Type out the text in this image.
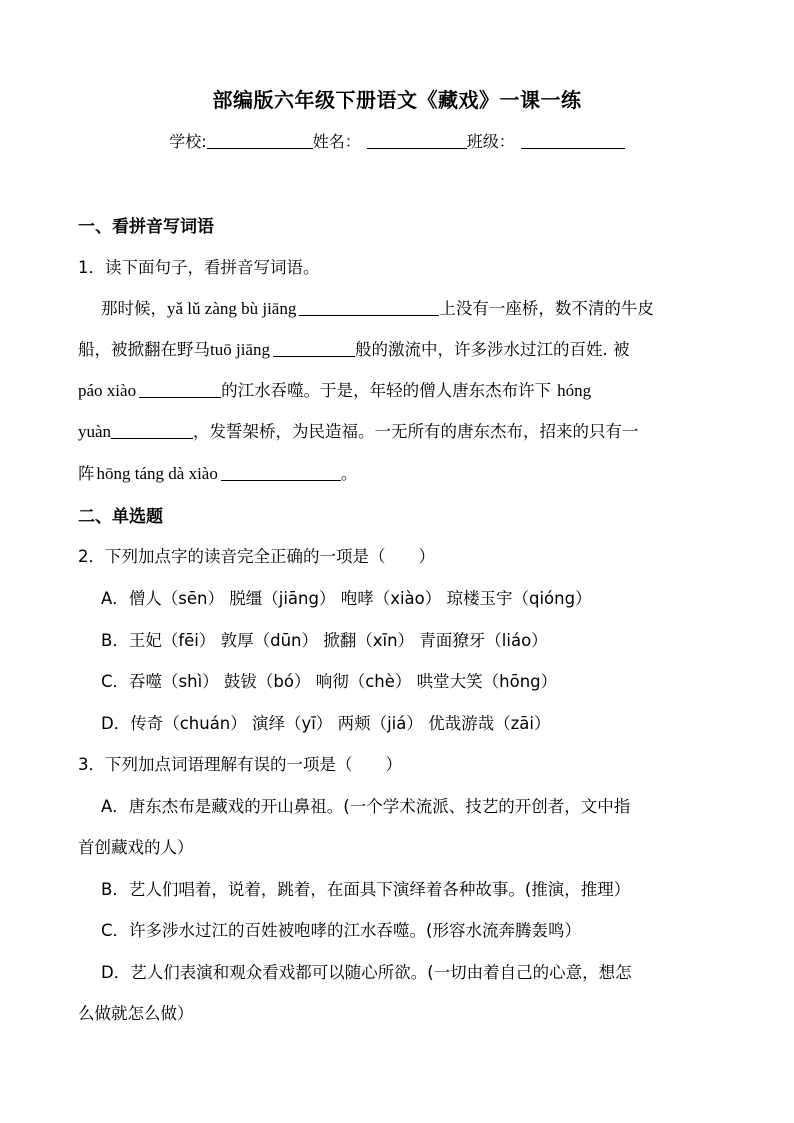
部编版六年级下册语文《藏戏》一课一练
学校:	姓名：	班级：
一、看拼音写词语
1．读下面句子，看拼音写词语。
那时候，yǎ lǔ zàng bù jiāng	上没有一座桥，数不清的牛皮
船，被掀翻在野马tuō jiāng	般的激流中，许多涉水过江的百姓. 被
páo xiào	的江水吞噬。于是，年轻的僧人唐东杰布许下 hóng
yuàn	，发誓架桥，为民造福。一无所有的唐东杰布，招来的只有一
阵 hōng táng dà xiào	。
二、单选题
2．下列加点字的读音完全正确的一项是（　　）
A．僧人（sēn） 脱缰（jiāng） 咆哮（xiào） 琼楼玉宇（qióng）
B．王妃（fēi） 敦厚（dūn） 掀翻（xīn） 青面獠牙（liáo）
C．吞噬（shì） 鼓钹（bó） 响彻（chè） 哄堂大笑（hōng）
D．传奇（chuán） 演绎（yī） 两颊（jiá） 优哉游哉（zāi）
3．下列加点词语理解有误的一项是（　　）
A．唐东杰布是藏戏的开山鼻祖。(一个学术流派、技艺的开创者，文中指
首创藏戏的人）
B．艺人们唱着，说着，跳着，在面具下演绎着各种故事。(推演，推理）
C．许多涉水过江的百姓被咆哮的江水吞噬。(形容水流奔腾轰鸣）
D．艺人们表演和观众看戏都可以随心所欲。(一切由着自己的心意，想怎
么做就怎么做）
